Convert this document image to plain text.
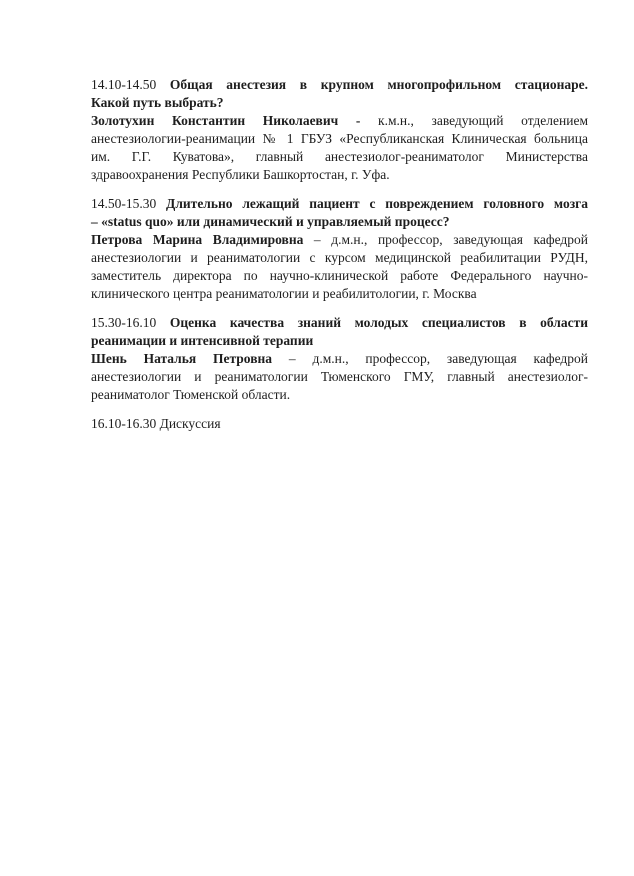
14.10-14.50 Общая анестезия в крупном многопрофильном стационаре.
Какой путь выбрать?
Золотухин Константин Николаевич - к.м.н., заведующий отделением
анестезиологии-реанимации № 1 ГБУЗ «Республиканская Клиническая больница
им. Г.Г. Куватова», главный анестезиолог-реаниматолог Министерства
здравоохранения Республики Башкортостан, г. Уфа.
14.50-15.30 Длительно лежащий пациент с повреждением головного мозга
– «status quo» или динамический и управляемый процесс?
Петрова Марина Владимировна – д.м.н., профессор, заведующая кафедрой
анестезиологии и реаниматологии с курсом медицинской реабилитации РУДН,
заместитель директора по научно-клинической работе Федерального научно-
клинического центра реаниматологии и реабилитологии, г. Москва
15.30-16.10 Оценка качества знаний молодых специалистов в области
реанимации и интенсивной терапии
Шень Наталья Петровна – д.м.н., профессор, заведующая кафедрой
анестезиологии и реаниматологии Тюменского ГМУ, главный анестезиолог-
реаниматолог Тюменской области.
16.10-16.30 Дискуссия
